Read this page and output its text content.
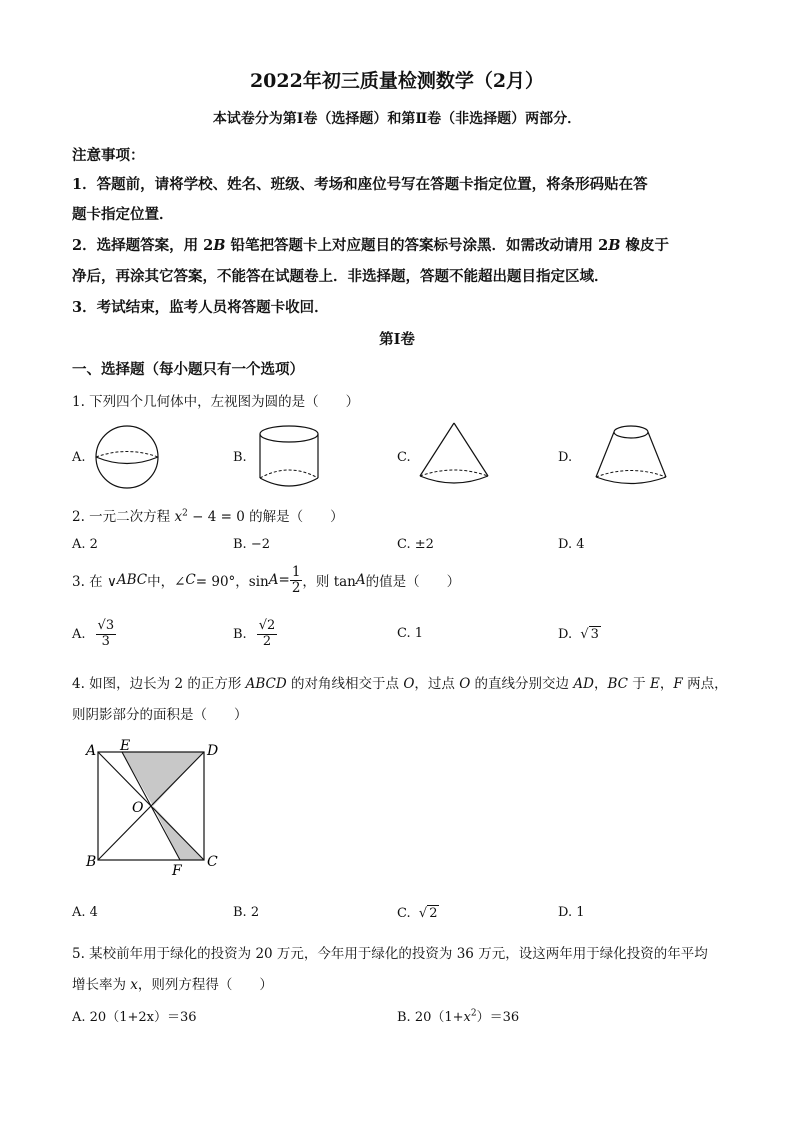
2022年初三质量检测数学（2月）
本试卷分为第Ⅰ卷（选择题）和第Ⅱ卷（非选择题）两部分．
注意事项：
1．答题前，请将学校、姓名、班级、考场和座位号写在答题卡指定位置，将条形码贴在答
题卡指定位置．
2．选择题答案，用 2B 铅笔把答题卡上对应题目的答案标号涂黑．如需改动请用 2B 橡皮于
净后，再涂其它答案，不能答在试题卷上．非选择题，答题不能超出题目指定区域．
3．考试结束，监考人员将答题卡收回．
第Ⅰ卷
一、选择题（每小题只有一个选项）
1. 下列四个几何体中，左视图为圆的是（　　）
A.	B.	C.	D.
2. 一元二次方程 $x^2 - 4 = 0$ 的解是（　　）
A. 2	B. −2	C. ±2	D. 4
3. 在 ∨ ABC 中，∠ C = 90°，$\sin A = \frac{1}{2}$ ，则 tan A 的值是（　　）
A. $\frac{√3}{3}$	B. $\frac{√2}{2}$	C. 1	D.  √ 3
4. 如图，边长为 2 的正方形 ABCD 的对角线相交于点 O，过点 O 的直线分别交边 AD，BC 于 E，F 两点，
则阴影部分的面积是（　　）
A E	D
O
B
F
C
A. 4	B. 2	C.  √ 2	D. 1
5. 某校前年用于绿化的投资为 20 万元，今年用于绿化的投资为 36 万元，设这两年用于绿化投资的年平均
增长率为 x，则列方程得（　　）
A. 20（1+2x）＝36	B. $20(1+x^2)=36$
